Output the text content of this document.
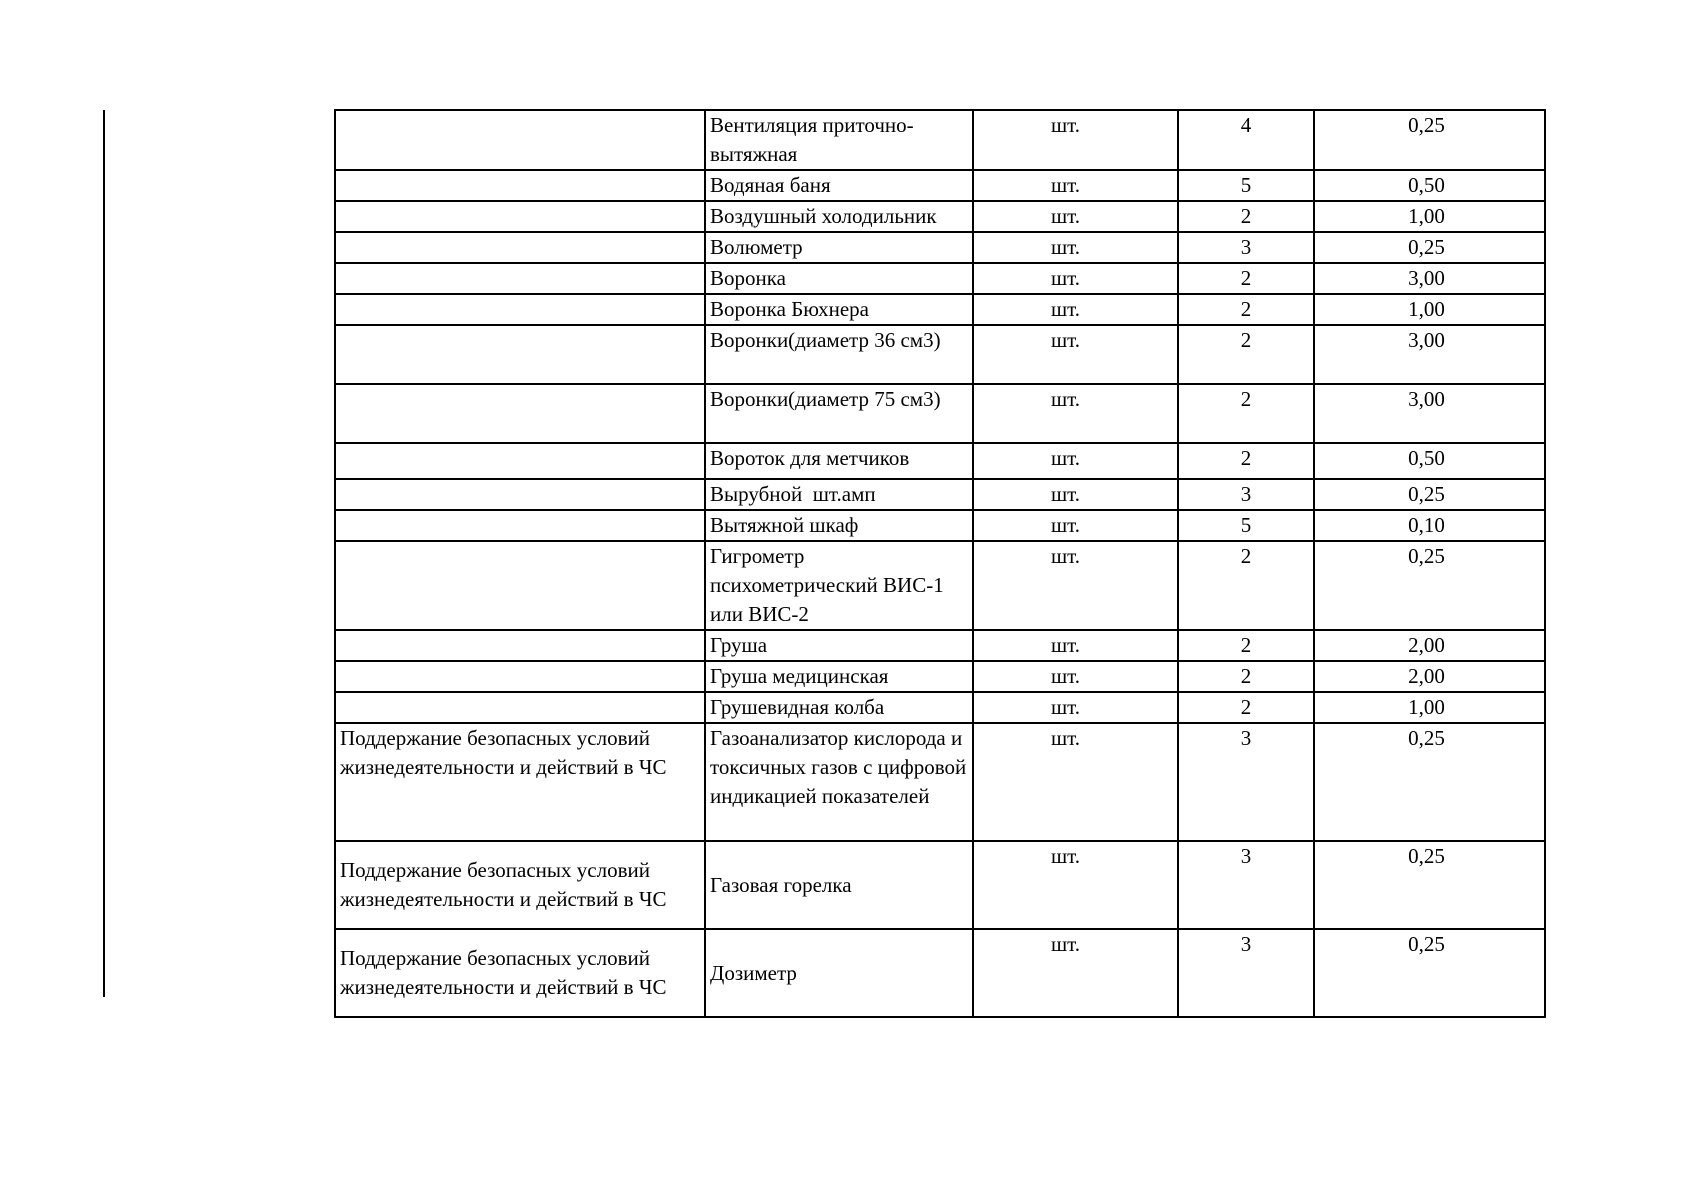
	Вентиляция приточно-вытяжная	шт.	4	0,25
	Водяная баня	шт.	5	0,50
	Воздушный холодильник	шт.	2	1,00
	Волюметр	шт.	3	0,25
	Воронка	шт.	2	3,00
	Воронка Бюхнера	шт.	2	1,00
	Воронки(диаметр 36 см3)	шт.	2	3,00
	Воронки(диаметр 75 см3)	шт.	2	3,00
	Вороток для метчиков	шт.	2	0,50
	Вырубной  шт.амп	шт.	3	0,25
	Вытяжной шкаф	шт.	5	0,10
	Гигрометр психометрический ВИС-1 или ВИС-2	шт.	2	0,25
	Груша	шт.	2	2,00
	Груша медицинская	шт.	2	2,00
	Грушевидная колба	шт.	2	1,00
Поддержание безопасных условий жизнедеятельности и действий в ЧС	Газоанализатор кислорода и токсичных газов с цифровой индикацией показателей	шт.	3	0,25
Поддержание безопасных условий жизнедеятельности и действий в ЧС	Газовая горелка	шт.	3	0,25
Поддержание безопасных условий жизнедеятельности и действий в ЧС	Дозиметр	шт.	3	0,25
